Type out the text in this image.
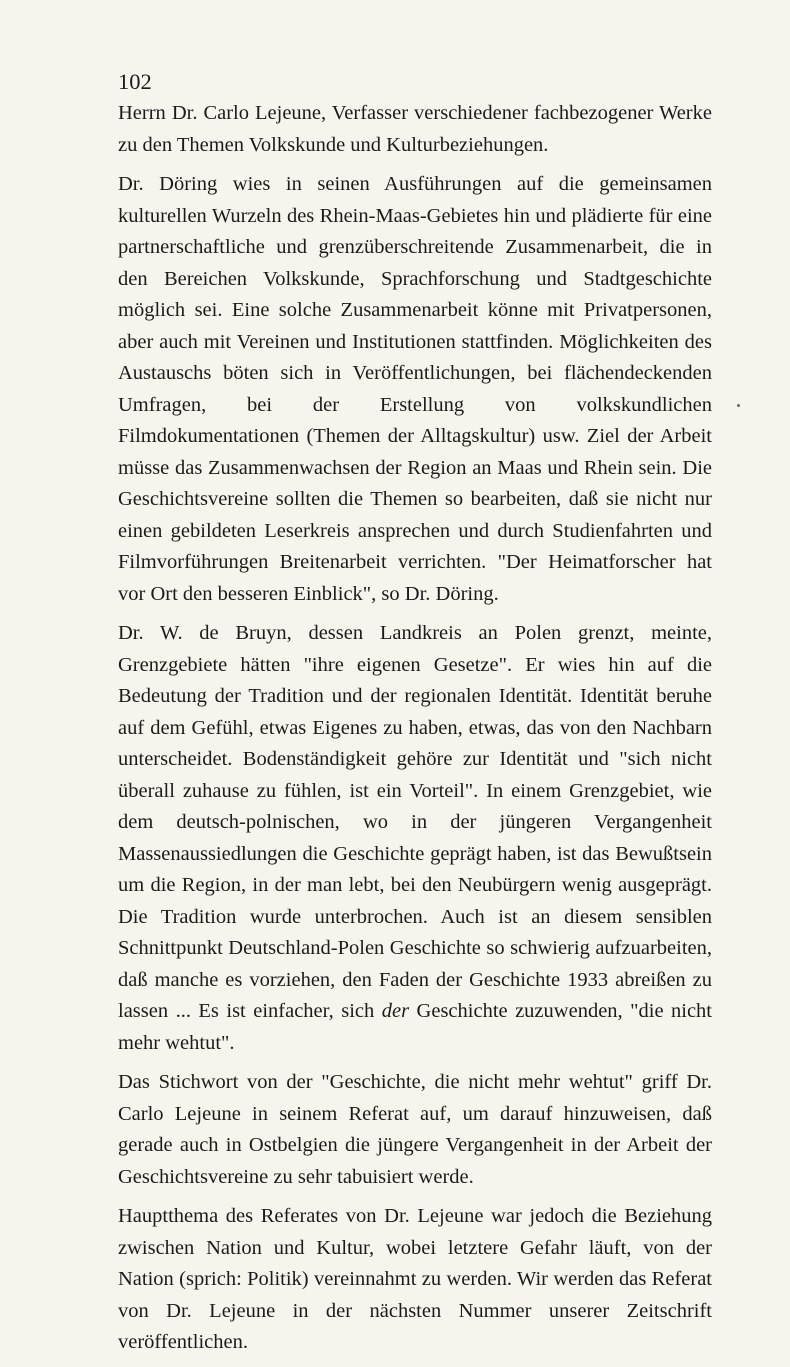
102

Herrn Dr. Carlo Lejeune, Verfasser verschiedener fachbezogener Werke zu den Themen Volkskunde und Kulturbeziehungen.

Dr. Döring wies in seinen Ausführungen auf die gemeinsamen kulturellen Wurzeln des Rhein-Maas-Gebietes hin und plädierte für eine partnerschaftliche und grenzüberschreitende Zusammenarbeit, die in den Bereichen Volkskunde, Sprachforschung und Stadtgeschichte möglich sei. Eine solche Zusammenarbeit könne mit Privatpersonen, aber auch mit Vereinen und Institutionen stattfinden. Möglichkeiten des Austauschs böten sich in Veröffentlichungen, bei flächendeckenden Umfragen, bei der Erstellung von volkskundlichen Filmdokumentationen (Themen der Alltagskultur) usw. Ziel der Arbeit müsse das Zusammenwachsen der Region an Maas und Rhein sein. Die Geschichtsvereine sollten die Themen so bearbeiten, daß sie nicht nur einen gebildeten Leserkreis ansprechen und durch Studienfahrten und Filmvorführungen Breitenarbeit verrichten. "Der Heimatforscher hat vor Ort den besseren Einblick", so Dr. Döring.

Dr. W. de Bruyn, dessen Landkreis an Polen grenzt, meinte, Grenzgebiete hätten "ihre eigenen Gesetze". Er wies hin auf die Bedeutung der Tradition und der regionalen Identität. Identität beruhe auf dem Gefühl, etwas Eigenes zu haben, etwas, das von den Nachbarn unterscheidet. Bodenständigkeit gehöre zur Identität und "sich nicht überall zuhause zu fühlen, ist ein Vorteil". In einem Grenzgebiet, wie dem deutsch-polnischen, wo in der jüngeren Vergangenheit Massenaussiedlungen die Geschichte geprägt haben, ist das Bewußtsein um die Region, in der man lebt, bei den Neubürgern wenig ausgeprägt. Die Tradition wurde unterbrochen. Auch ist an diesem sensiblen Schnittpunkt Deutschland-Polen Geschichte so schwierig aufzuarbeiten, daß manche es vorziehen, den Faden der Geschichte 1933 abreißen zu lassen ... Es ist einfacher, sich der Geschichte zuzuwenden, "die nicht mehr wehtut".

Das Stichwort von der "Geschichte, die nicht mehr wehtut" griff Dr. Carlo Lejeune in seinem Referat auf, um darauf hinzuweisen, daß gerade auch in Ostbelgien die jüngere Vergangenheit in der Arbeit der Geschichtsvereine zu sehr tabuisiert werde.

Hauptthema des Referates von Dr. Lejeune war jedoch die Beziehung zwischen Nation und Kultur, wobei letztere Gefahr läuft, von der Nation (sprich: Politik) vereinnahmt zu werden. Wir werden das Referat von Dr. Lejeune in der nächsten Nummer unserer Zeitschrift veröffentlichen.
